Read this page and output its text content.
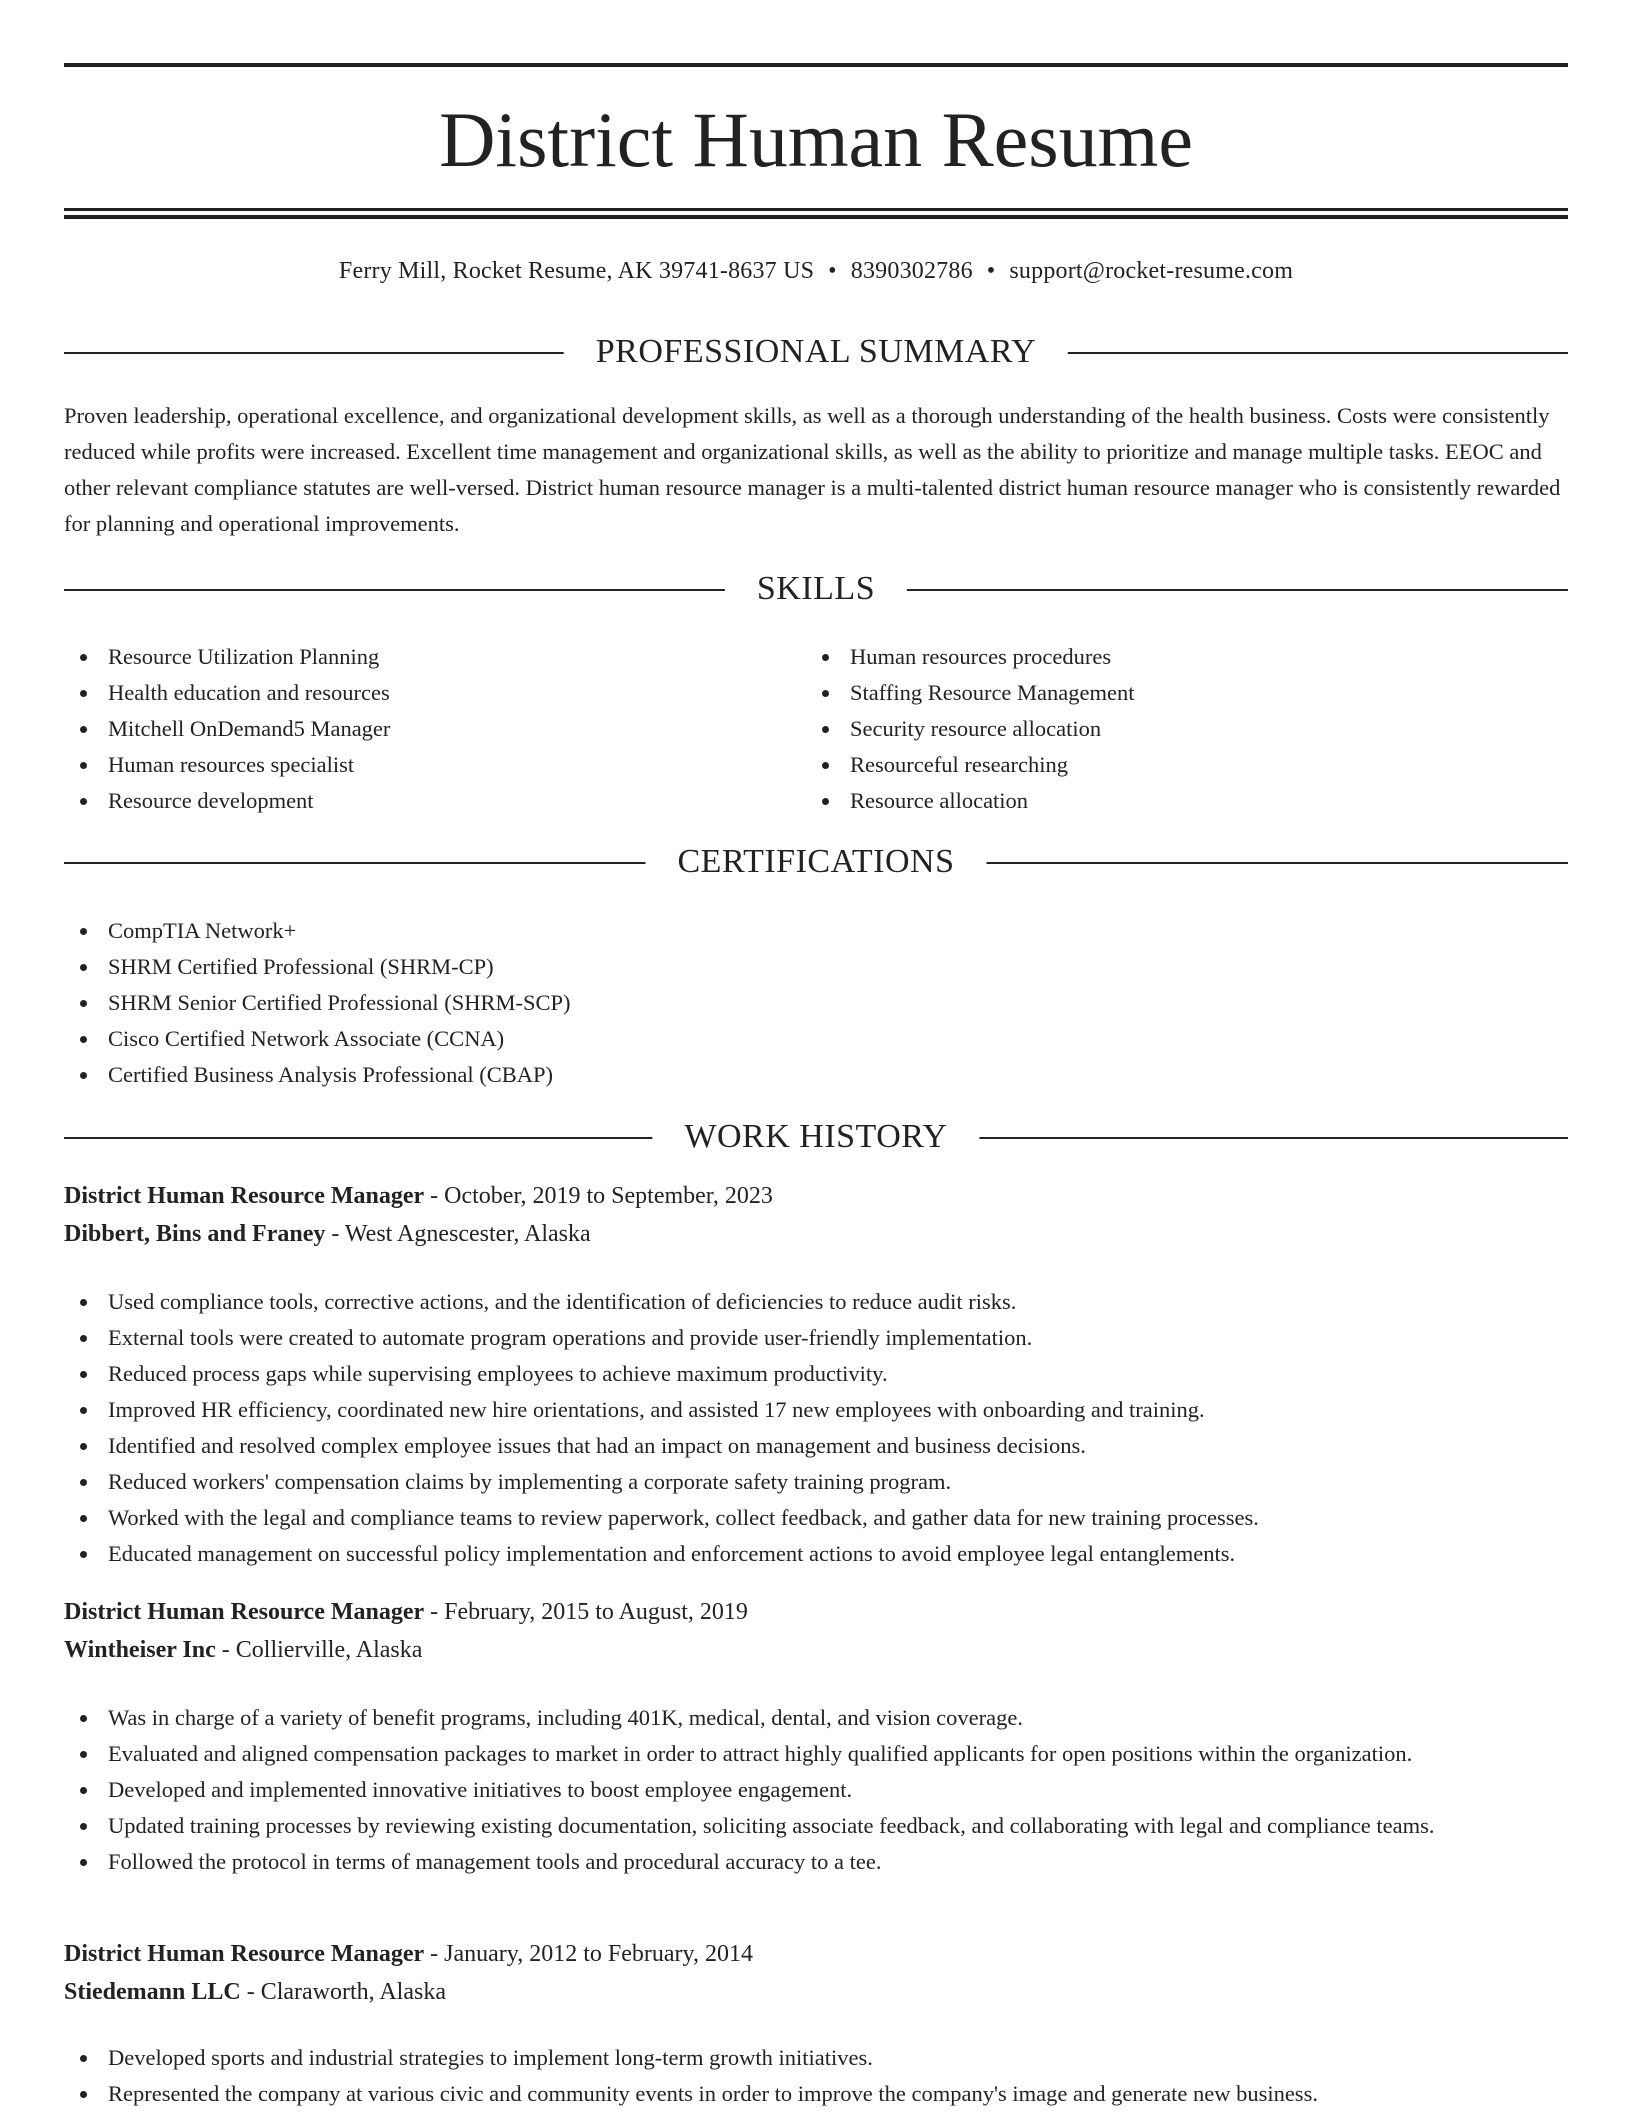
District Human Resume
Ferry Mill, Rocket Resume, AK 39741-8637 US • 8390302786 • support@rocket-resume.com
PROFESSIONAL SUMMARY
Proven leadership, operational excellence, and organizational development skills, as well as a thorough understanding of the health business. Costs were consistently reduced while profits were increased. Excellent time management and organizational skills, as well as the ability to prioritize and manage multiple tasks. EEOC and other relevant compliance statutes are well-versed. District human resource manager is a multi-talented district human resource manager who is consistently rewarded for planning and operational improvements.
SKILLS
Resource Utilization Planning
Health education and resources
Mitchell OnDemand5 Manager
Human resources specialist
Resource development
Human resources procedures
Staffing Resource Management
Security resource allocation
Resourceful researching
Resource allocation
CERTIFICATIONS
CompTIA Network+
SHRM Certified Professional (SHRM-CP)
SHRM Senior Certified Professional (SHRM-SCP)
Cisco Certified Network Associate (CCNA)
Certified Business Analysis Professional (CBAP)
WORK HISTORY
District Human Resource Manager - October, 2019 to September, 2023
Dibbert, Bins and Franey - West Agnescester, Alaska
Used compliance tools, corrective actions, and the identification of deficiencies to reduce audit risks.
External tools were created to automate program operations and provide user-friendly implementation.
Reduced process gaps while supervising employees to achieve maximum productivity.
Improved HR efficiency, coordinated new hire orientations, and assisted 17 new employees with onboarding and training.
Identified and resolved complex employee issues that had an impact on management and business decisions.
Reduced workers' compensation claims by implementing a corporate safety training program.
Worked with the legal and compliance teams to review paperwork, collect feedback, and gather data for new training processes.
Educated management on successful policy implementation and enforcement actions to avoid employee legal entanglements.
District Human Resource Manager - February, 2015 to August, 2019
Wintheiser Inc - Collierville, Alaska
Was in charge of a variety of benefit programs, including 401K, medical, dental, and vision coverage.
Evaluated and aligned compensation packages to market in order to attract highly qualified applicants for open positions within the organization.
Developed and implemented innovative initiatives to boost employee engagement.
Updated training processes by reviewing existing documentation, soliciting associate feedback, and collaborating with legal and compliance teams.
Followed the protocol in terms of management tools and procedural accuracy to a tee.
District Human Resource Manager - January, 2012 to February, 2014
Stiedemann LLC - Claraworth, Alaska
Developed sports and industrial strategies to implement long-term growth initiatives.
Represented the company at various civic and community events in order to improve the company's image and generate new business.
